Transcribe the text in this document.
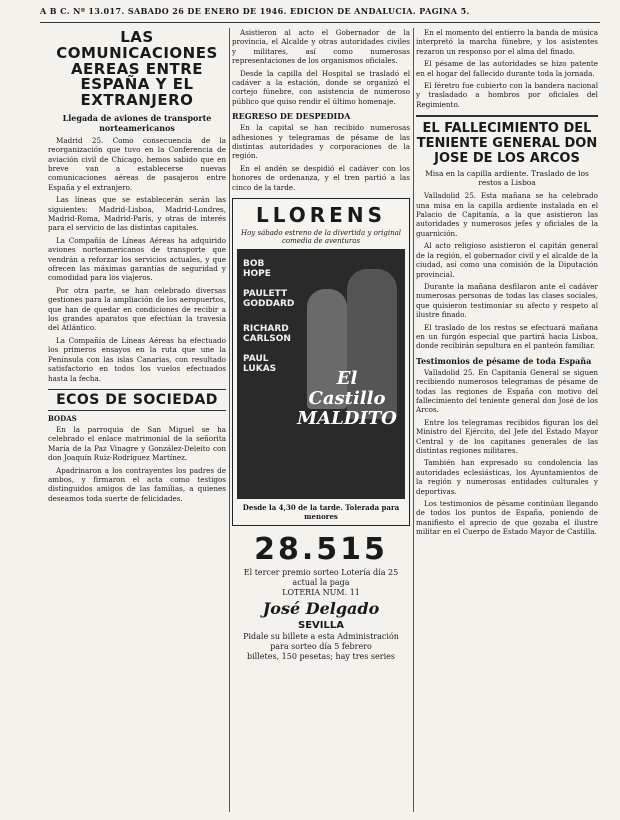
A B C. Nº 13.017. SABADO 26 DE ENERO DE 1946. EDICION DE ANDALUCIA. PAGINA 5.
LAS COMUNICACIONES AEREAS ENTRE ESPAÑA Y EL EXTRANJERO
Llegada de aviones de transporte norteamericanos

Madrid 25. Como consecuencia de la reorganización que tuvo en la Conferencia de aviación civil de Chicago, hemos sabido que en breve van a establecerse nuevas comunicaciones aéreas de pasajeros entre España y el extranjero.

Las líneas que se establecerán serán las siguientes: Madrid-Lisboa, Madrid-Londres, Madrid-Roma, Madrid-París, y otras de interés para el servicio de las distintas capitales.

La Compañía de Líneas Aéreas ha adquirido aviones norteamericanos de transporte que vendrán a reforzar los servicios actuales, y que ofrecen las máximas garantías de seguridad y comodidad para los viajeros.

Por otra parte, se han celebrado diversas gestiones para la ampliación de los aeropuertos, que han de quedar en condiciones de recibir a los grandes aparatos que efectúan la travesía del Atlántico.

La Compañía de Líneas Aéreas ha efectuado los primeros ensayos en la ruta que une la Península con las islas Canarias, con resultado satisfactorio en todos los vuelos efectuados hasta la fecha.

ECOS DE SOCIEDAD
BODAS

En la parroquia de San Miguel se ha celebrado el enlace matrimonial de la señorita María de la Paz Vinagre y González-Deleito con don Joaquín Ruiz-Rodríguez Martínez.

Apadrinaron a los contrayentes los padres de ambos, y firmaron el acta como testigos distinguidos amigos de las familias, a quienes deseamos toda suerte de felicidades.

Asistieron al acto el Gobernador de la provincia, el Alcalde y otras autoridades civiles y militares, así como numerosas representaciones de los organismos oficiales.

Desde la capilla del Hospital se trasladó el cadáver a la estación, donde se organizó el cortejo fúnebre, con asistencia de numeroso público que quiso rendir el último homenaje.

REGRESO DE DESPEDIDA

En la capital se han recibido numerosas adhesiones y telegramas de pésame de las distintas autoridades y corporaciones de la región.

En el andén se despidió el cadáver con los honores de ordenanza, y el tren partió a las cinco de la tarde.

LLORENS
Hoy sábado estreno de la divertida y original comedia de aventuras
BOB
HOPE
PAULETT
GODDARD
RICHARD
CARLSON
PAUL
LUKAS	El Castillo MALDITO
Desde la 4,30 de la tarde. Tolerada para menores
28.515
El tercer premio sorteo Lotería día 25
actual la paga
LOTERIA NUM. 11
José Delgado
SEVILLA
Pidale su billete a esta Administración
para sorteo día 5 febrero
billetes, 150 pesetas; hay tres series

En el momento del entierro la banda de música interpretó la marcha fúnebre, y los asistentes rezaron un responso por el alma del finado.

El pésame de las autoridades se hizo patente en el hogar del fallecido durante toda la jornada.

El féretro fue cubierto con la bandera nacional y trasladado a hombros por oficiales del Regimiento.

EL FALLECIMIENTO DEL TENIENTE GENERAL DON JOSE DE LOS ARCOS
Misa en la capilla ardiente. Traslado de los restos a Lisboa

Valladolid 25. Esta mañana se ha celebrado una misa en la capilla ardiente instalada en el Palacio de Capitanía, a la que asistieron las autoridades y numerosos jefes y oficiales de la guarnición.

Al acto religioso asistieron el capitán general de la región, el gobernador civil y el alcalde de la ciudad, así como una comisión de la Diputación provincial.

Durante la mañana desfilaron ante el cadáver numerosas personas de todas las clases sociales, que quisieron testimoniar su afecto y respeto al ilustre finado.

El traslado de los restos se efectuará mañana en un furgón especial que partirá hacia Lisboa, donde recibirán sepultura en el panteón familiar.

Testimonios de pésame de toda España

Valladolid 25. En Capitanía General se siguen recibiendo numerosos telegramas de pésame de todas las regiones de España con motivo del fallecimiento del teniente general don José de los Arcos.

Entre los telegramas recibidos figuran los del Ministro del Ejército, del Jefe del Estado Mayor Central y de los capitanes generales de las distintas regiones militares.

También han expresado su condolencia las autoridades eclesiásticas, los Ayuntamientos de la región y numerosas entidades culturales y deportivas.

Los testimonios de pésame continúan llegando de todos los puntos de España, poniendo de manifiesto el aprecio de que gozaba el ilustre militar en el Cuerpo de Estado Mayor de Castilla.
